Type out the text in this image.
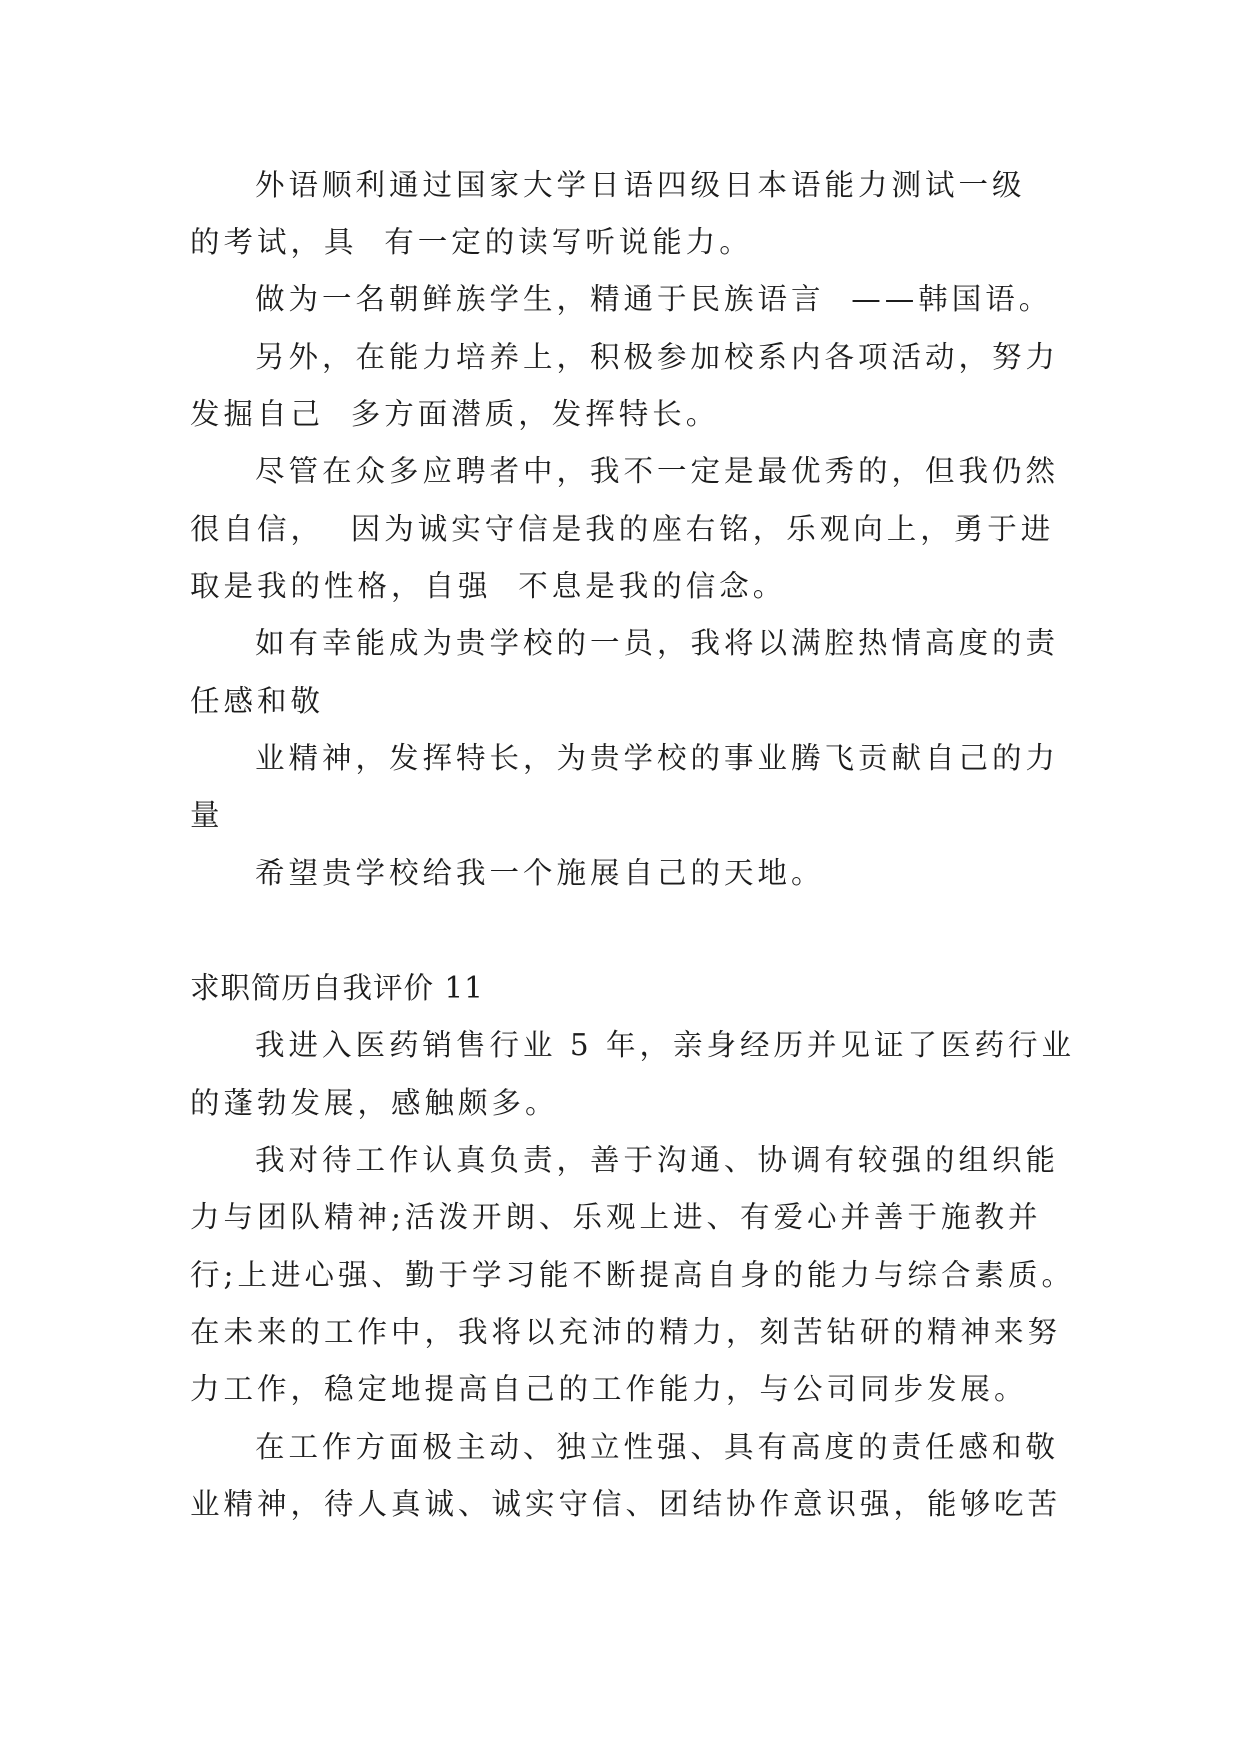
外语顺利通过国家大学日语四级日本语能力测试一级

的考试，具  有一定的读写听说能力。

做为一名朝鲜族学生，精通于民族语言  ——韩国语。

另外，在能力培养上，积极参加校系内各项活动，努力

发掘自己  多方面潜质，发挥特长。

尽管在众多应聘者中，我不一定是最优秀的，但我仍然

很自信，  因为诚实守信是我的座右铭，乐观向上，勇于进

取是我的性格，自强  不息是我的信念。

如有幸能成为贵学校的一员，我将以满腔热情高度的责

任感和敬

业精神，发挥特长，为贵学校的事业腾飞贡献自己的力

量

希望贵学校给我一个施展自己的天地。

求职简历自我评价 11

我进入医药销售行业 5 年，亲身经历并见证了医药行业

的蓬勃发展，感触颇多。

我对待工作认真负责，善于沟通、协调有较强的组织能

力与团队精神;活泼开朗、乐观上进、有爱心并善于施教并

行;上进心强、勤于学习能不断提高自身的能力与综合素质。

在未来的工作中，我将以充沛的精力，刻苦钻研的精神来努

力工作，稳定地提高自己的工作能力，与公司同步发展。

在工作方面极主动、独立性强、具有高度的责任感和敬

业精神，待人真诚、诚实守信、团结协作意识强，能够吃苦
